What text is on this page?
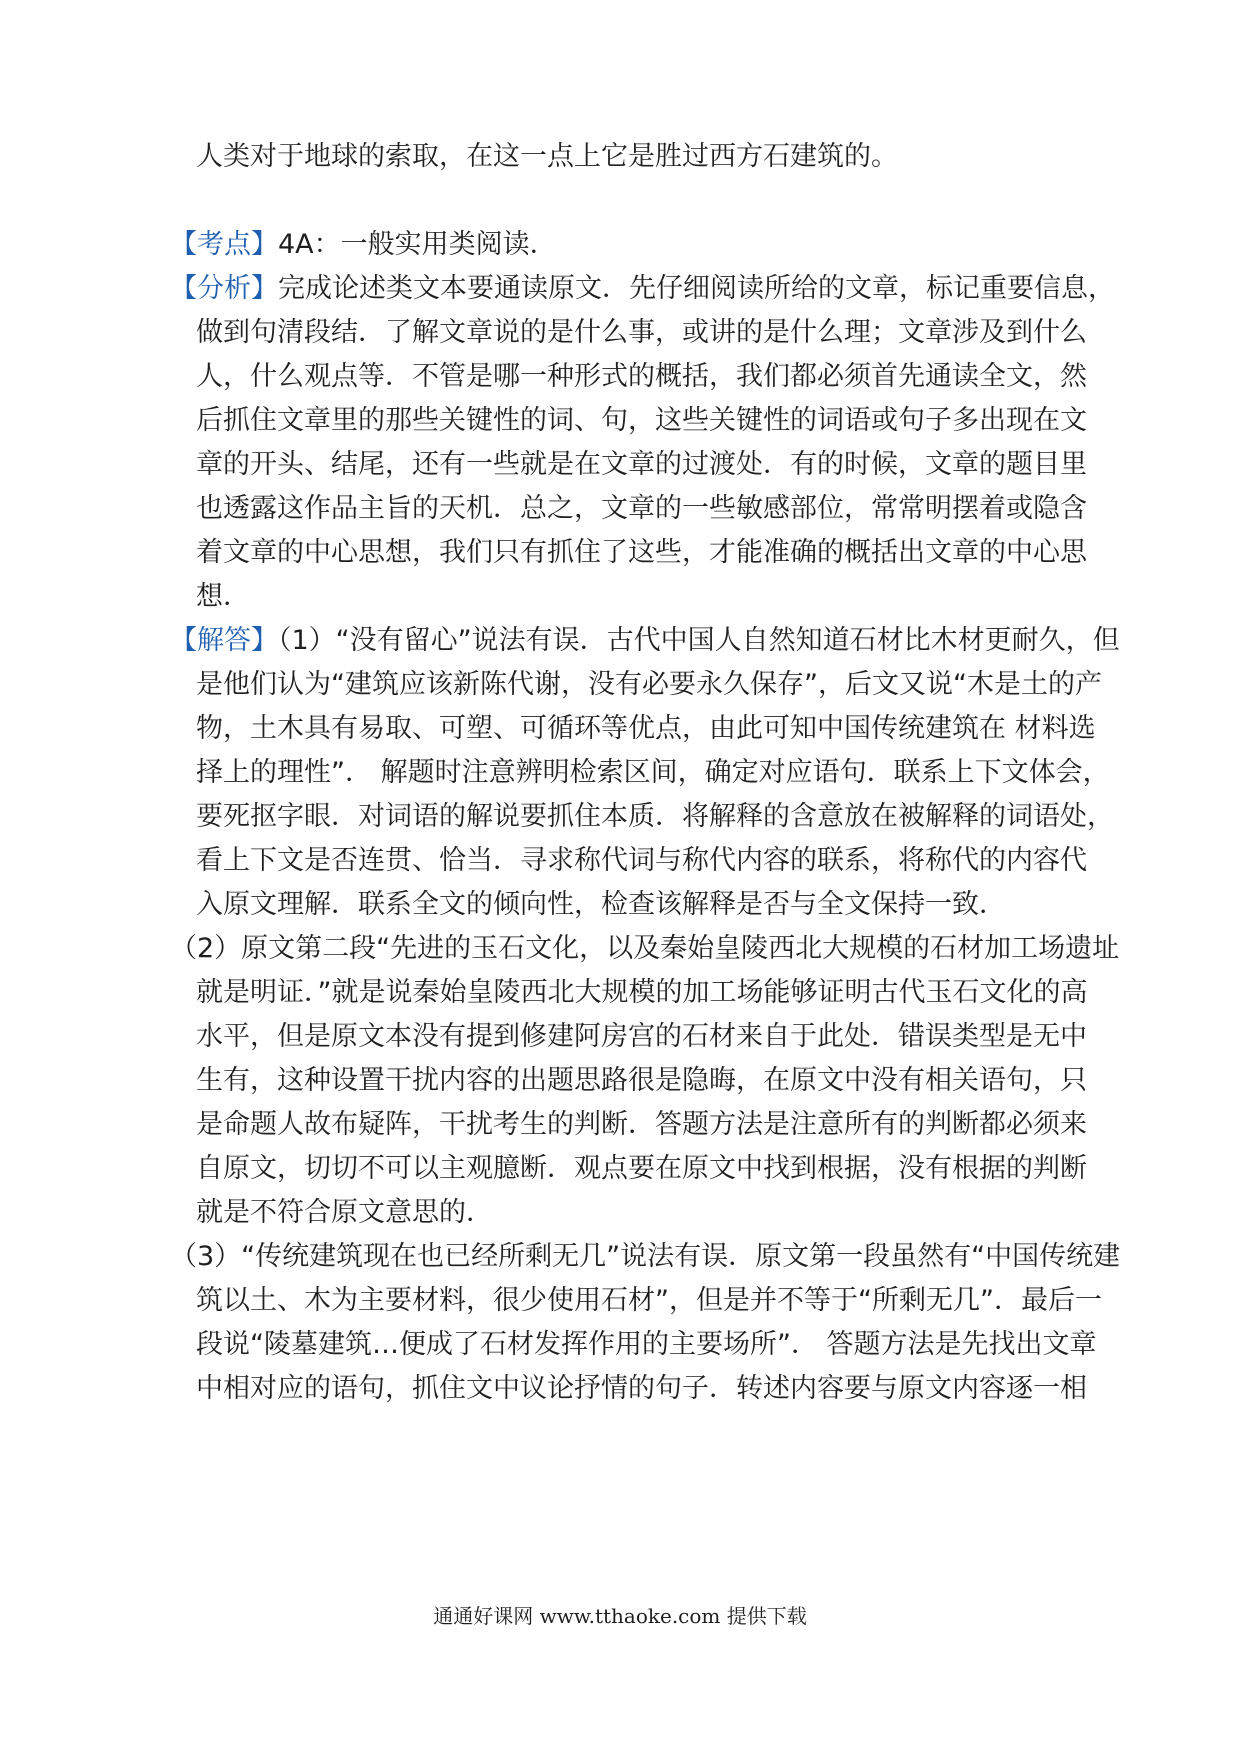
人类对于地球的索取，在这一点上它是胜过西方石建筑的。
【考点】4A：一般实用类阅读．
【分析】完成论述类文本要通读原文．先仔细阅读所给的文章，标记重要信息，
做到句清段结．了解文章说的是什么事，或讲的是什么理；文章涉及到什么
人，什么观点等．不管是哪一种形式的概括，我们都必须首先通读全文，然
后抓住文章里的那些关键性的词、句，这些关键性的词语或句子多出现在文
章的开头、结尾，还有一些就是在文章的过渡处．有的时候，文章的题目里
也透露这作品主旨的天机．总之，文章的一些敏感部位，常常明摆着或隐含
着文章的中心思想，我们只有抓住了这些，才能准确的概括出文章的中心思
想．
【解答】（1）“没有留心”说法有误．古代中国人自然知道石材比木材更耐久，但
是他们认为“建筑应该新陈代谢，没有必要永久保存”，后文又说“木是土的产
物，土木具有易取、可塑、可循环等优点，由此可知中国传统建筑在 材料选
择上的理性”． 解题时注意辨明检索区间，确定对应语句．联系上下文体会，
要死抠字眼．对词语的解说要抓住本质．将解释的含意放在被解释的词语处，
看上下文是否连贯、恰当．寻求称代词与称代内容的联系，将称代的内容代
入原文理解．联系全文的倾向性，检查该解释是否与全文保持一致．
（2）原文第二段“先进的玉石文化，以及秦始皇陵西北大规模的石材加工场遗址
就是明证．”就是说秦始皇陵西北大规模的加工场能够证明古代玉石文化的高
水平，但是原文本没有提到修建阿房宫的石材来自于此处．错误类型是无中
生有，这种设置干扰内容的出题思路很是隐晦，在原文中没有相关语句，只
是命题人故布疑阵，干扰考生的判断．答题方法是注意所有的判断都必须来
自原文，切切不可以主观臆断．观点要在原文中找到根据，没有根据的判断
就是不符合原文意思的．
（3）“传统建筑现在也已经所剩无几”说法有误．原文第一段虽然有“中国传统建
筑以土、木为主要材料，很少使用石材”，但是并不等于“所剩无几”．最后一
段说“陵墓建筑…便成了石材发挥作用的主要场所”． 答题方法是先找出文章
中相对应的语句，抓住文中议论抒情的句子．转述内容要与原文内容逐一相
通通好课网 www.tthaoke.com 提供下载
